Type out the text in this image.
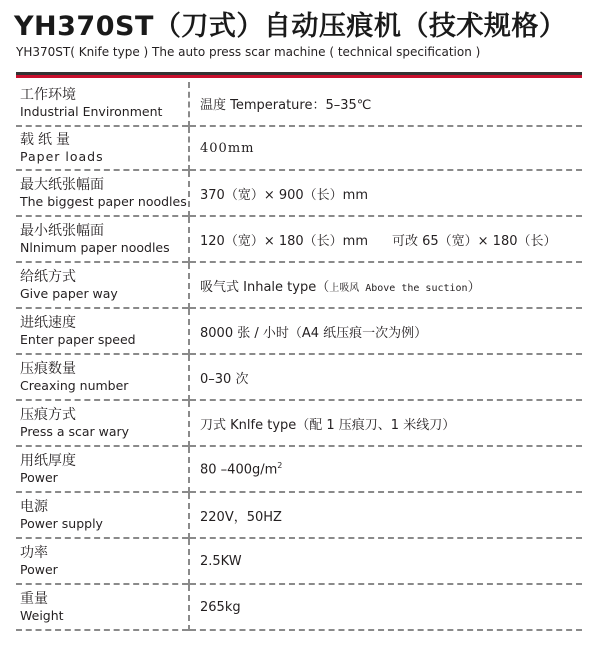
YH370ST（刀式）自动压痕机（技术规格）
YH370ST( Knife type ) The auto press scar machine ( technical specification )
工作环境
Industrial Environment	温度 Temperature：5–35℃

载纸量
Paper loads	400mm

最大纸张幅面
The biggest paper noodles	370（宽）× 900（长）mm

最小纸张幅面
Nlnimum paper noodles	120（宽）× 180（长）mm 可改 65（宽）× 180（长）

给纸方式
Give paper way	吸气式 Inhale type（上吸风 Above the suction）

进纸速度
Enter paper speed	8000 张 / 小时（A4 纸压痕一次为例）

压痕数量
Creaxing number	0–30 次

压痕方式
Press a scar wary	刀式 Knlfe type（配 1 压痕刀、1 米线刀）

用纸厚度
Power	80 $-400g/m^2$

电源
Power supply	220V，50HZ

功率
Power	2.5KW

重量
Weight	265kg
